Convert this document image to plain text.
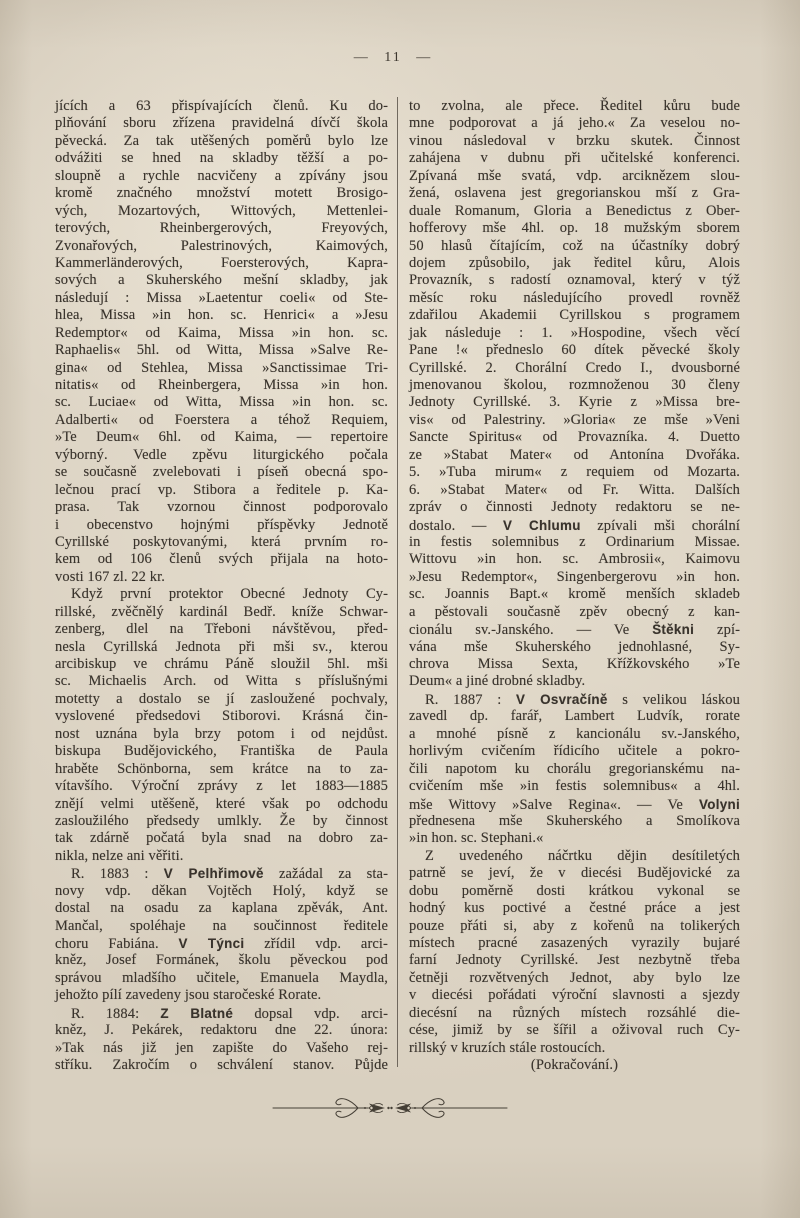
— 11 —
jících a 63 přispívajících členů. Ku do-
plňování sboru zřízena pravidelná dívčí škola
pěvecká. Za tak utěšených poměrů bylo lze
odvážiti se hned na skladby těžší a po-
sloupně a rychle nacvičeny a zpívány jsou
kromě značného množství motett Brosigo-
vých, Mozartových, Wittových, Mettenlei-
terových, Rheinbergerových, Freyových,
Zvonařových, Palestrinových, Kaimových,
Kammerländerových, Foersterových, Kapra-
sových a Skuherského mešní skladby, jak
následují : Missa »Laetentur coeli« od Ste-
hlea, Missa »in hon. sc. Henrici« a »Jesu
Redemptor« od Kaima, Missa »in hon. sc.
Raphaelis« 5hl. od Witta, Missa »Salve Re-
gina« od Stehlea, Missa »Sanctissimae Tri-
nitatis« od Rheinbergera, Missa »in hon.
sc. Luciae« od Witta, Missa »in hon. sc.
Adalberti« od Foerstera a téhož Requiem,
»Te Deum« 6hl. od Kaima, — repertoire
výborný. Vedle zpěvu liturgického počala
se současně zvelebovati i píseň obecná spo-
lečnou prací vp. Stibora a ředitele p. Ka-
prasa. Tak vzornou činnost podporovalo
i obecenstvo hojnými příspěvky Jednotě
Cyrillské poskytovanými, která prvním ro-
kem od 106 členů svých přijala na hoto-
vosti 167 zl. 22 kr.
Když první protektor Obecné Jednoty Cy-
rillské, zvěčnělý kardinál Bedř. kníže Schwar-
zenberg, dlel na Třeboni návštěvou, před-
nesla Cyrillská Jednota při mši sv., kterou
arcibiskup ve chrámu Páně sloužil 5hl. mši
sc. Michaelis Arch. od Witta s příslušnými
motetty a dostalo se jí zasloužené pochvaly,
vyslovené předsedovi Stiborovi. Krásná čin-
nost uznána byla brzy potom i od nejdůst.
biskupa Budějovického, Františka de Paula
hraběte Schönborna, sem krátce na to za-
vítavšího. Výroční zprávy z let 1883—1885
znějí velmi utěšeně, které však po odchodu
zasloužilého předsedy umlkly. Že by činnost
tak zdárně počatá byla snad na dobro za-
nikla, nelze ani věřiti.
R. 1883 : V Pelhřimově zažádal za sta-
novy vdp. děkan Vojtěch Holý, když se
dostal na osadu za kaplana zpěvák, Ant.
Mančal, spoléhaje na součinnost ředitele
choru Fabiána. V Týnci zřídil vdp. arci-
kněz, Josef Formánek, školu pěveckou pod
správou mladšího učitele, Emanuela Maydla,
jehožto pílí zavedeny jsou staročeské Rorate.
R. 1884: Z Blatné dopsal vdp. arci-
kněz, J. Pekárek, redaktoru dne 22. února:
»Tak nás již jen zapište do Vašeho rej-
stříku. Zakročím o schválení stanov. Půjde
to zvolna, ale přece. Ředitel kůru bude
mne podporovat a já jeho.« Za veselou no-
vinou následoval v brzku skutek. Činnost
zahájena v dubnu při učitelské konferenci.
Zpívaná mše svatá, vdp. arciknězem slou-
žená, oslavena jest gregorianskou mší z Gra-
duale Romanum, Gloria a Benedictus z Ober-
hofferovy mše 4hl. op. 18 mužským sborem
50 hlasů čítajícím, což na účastníky dobrý
dojem způsobilo, jak ředitel kůru, Alois
Provazník, s radostí oznamoval, který v týž
měsíc roku následujícího provedl rovněž
zdařilou Akademii Cyrillskou s programem
jak následuje : 1. »Hospodine, všech věcí
Pane !« předneslo 60 dítek pěvecké školy
Cyrillské. 2. Chorální Credo I., dvousborné
jmenovanou školou, rozmnoženou 30 členy
Jednoty Cyrillské. 3. Kyrie z »Missa bre-
vis« od Palestriny. »Gloria« ze mše »Veni
Sancte Spiritus« od Provazníka. 4. Duetto
ze »Stabat Mater« od Antonína Dvořáka.
5. »Tuba mirum« z requiem od Mozarta.
6. »Stabat Mater« od Fr. Witta. Dalších
zpráv o činnosti Jednoty redaktoru se ne-
dostalo. — V Chlumu zpívali mši chorální
in festis solemnibus z Ordinarium Missae.
Wittovu »in hon. sc. Ambrosii«, Kaimovu
»Jesu Redemptor«, Singenbergerovu »in hon.
sc. Joannis Bapt.« kromě menších skladeb
a pěstovali současně zpěv obecný z kan-
cionálu sv.-Janského. — Ve Štěkni zpí-
vána mše Skuherského jednohlasné, Sy-
chrova Missa Sexta, Křížkovského »Te
Deum« a jiné drobné skladby.
R. 1887 : V Osvračíně s velikou láskou
zavedl dp. farář, Lambert Ludvík, rorate
a mnohé písně z kancionálu sv.-Janského,
horlivým cvičením řídicího učitele a pokro-
čili napotom ku chorálu gregorianskému na-
cvičením mše »in festis solemnibus« a 4hl.
mše Wittovy »Salve Regina«. — Ve Volyni
přednesena mše Skuherského a Smolíkova
»in hon. sc. Stephani.«
Z uvedeného náčrtku dějin desítiletých
patrně se jeví, že v diecési Budějovické za
dobu poměrně dosti krátkou vykonal se
hodný kus poctivé a čestné práce a jest
pouze přáti si, aby z kořenů na tolikerých
místech pracné zasazených vyrazily bujaré
farní Jednoty Cyrillské. Jest nezbytně třeba
četněji rozvětvených Jednot, aby bylo lze
v diecési pořádati výroční slavnosti a sjezdy
diecésní na různých místech rozsáhlé die-
cése, jimiž by se šířil a oživoval ruch Cy-
rillský v kruzích stále rostoucích.
(Pokračování.)
